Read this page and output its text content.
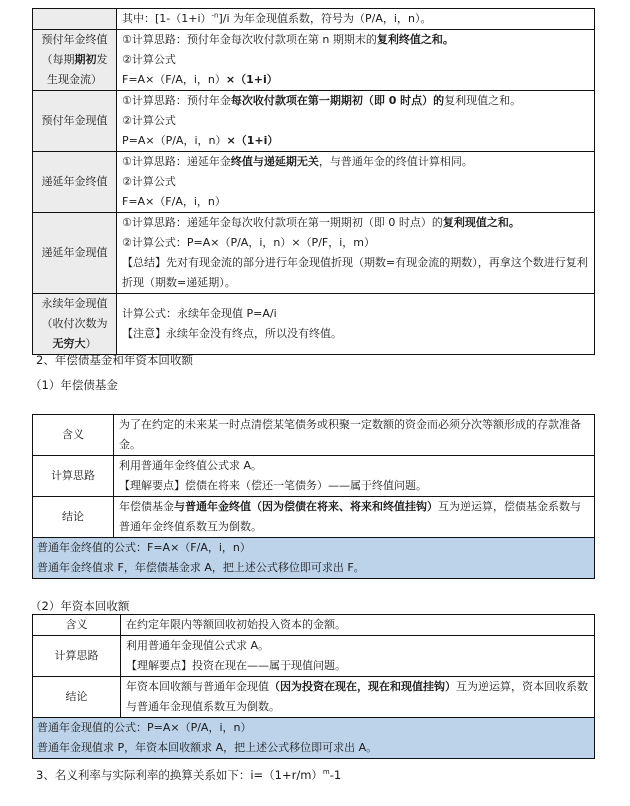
	其中：$[1-(1+i)^{-n}]/i$ 为年金现值系数，符号为（P/A，i，n）。

预付年金终值
（每期期初发
生现金流）	①计算思路：预付年金每次收付款项在第 n 期期末的复利终值之和。
②计算公式
F=A×（F/A，i，n）×（1+i）

预付年金现值	①计算思路：预付年金每次收付款项在第一期期初（即 0 时点）的复利现值之和。
②计算公式
P=A×（P/A，i，n）×（1+i）

递延年金终值	①计算思路：递延年金终值与递延期无关，与普通年金的终值计算相同。
②计算公式
F=A×（F/A，i，n）

递延年金现值	①计算思路：递延年金每次收付款项在第一期期初（即 0 时点）的复利现值之和。
②计算公式：P=A×（P/A，i，n）×（P/F，i，m）
【总结】先对有现金流的部分进行年金现值折现（期数=有现金流的期数），再拿这个数进行复利折现（期数=递延期）。

永续年金现值
（收付次数为
无穷大）	计算公式：永续年金现值 P=A/i
【注意】永续年金没有终点，所以没有终值。
2、年偿债基金和年资本回收额
（1）年偿债基金
含义	为了在约定的未来某一时点清偿某笔债务或积聚一定数额的资金而必须分次等额形成的存款准备金。

计算思路	利用普通年金终值公式求 A。
【理解要点】偿债在将来（偿还一笔债务）——属于终值问题。

结论	年偿债基金与普通年金终值（因为偿债在将来、将来和终值挂钩）互为逆运算，偿债基金系数与普通年金终值系数互为倒数。

普通年金终值的公式：F=A×（F/A，i，n）
普通年金终值求 F，年偿债基金求 A，把上述公式移位即可求出 F。	
（2）年资本回收额
含义	在约定年限内等额回收初始投入资本的金额。

计算思路	利用普通年金现值公式求 A。
【理解要点】投资在现在——属于现值问题。

结论	年资本回收额与普通年金现值（因为投资在现在，现在和现值挂钩）互为逆运算，资本回收系数与普通年金现值系数互为倒数。

普通年金现值的公式：P=A×（P/A，i，n）
普通年金现值求 P，年资本回收额求 A，把上述公式移位即可求出 A。	
3、名义利率与实际利率的换算关系如下：$i=(1+r/m)^m-1$
